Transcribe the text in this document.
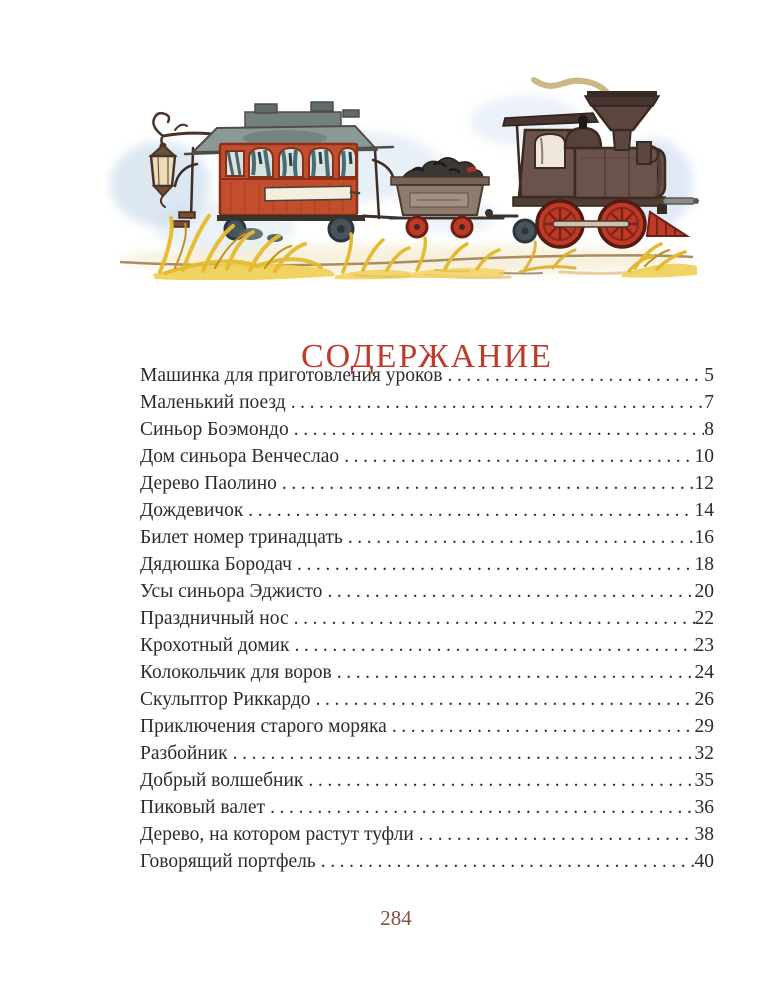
СОДЕРЖАНИЕ
Машинка для приготовления уроков .....	5
Маленький поезд .....	7
Синьор Боэмондо .....	8
Дом синьора Венчеслао .....	10
Дерево Паолино .....	12
Дождевичок .....	14
Билет номер тринадцать .....	16
Дядюшка Бородач .....	18
Усы синьора Эджисто .....	20
Праздничный нос .....	22
Крохотный домик .....	23
Колокольчик для воров .....	24
Скульптор Риккардо .....	26
Приключения старого моряка .....	29
Разбойник .....	32
Добрый волшебник .....	35
Пиковый валет .....	36
Дерево, на котором растут туфли .....	38
Говорящий портфель .....	40
284
